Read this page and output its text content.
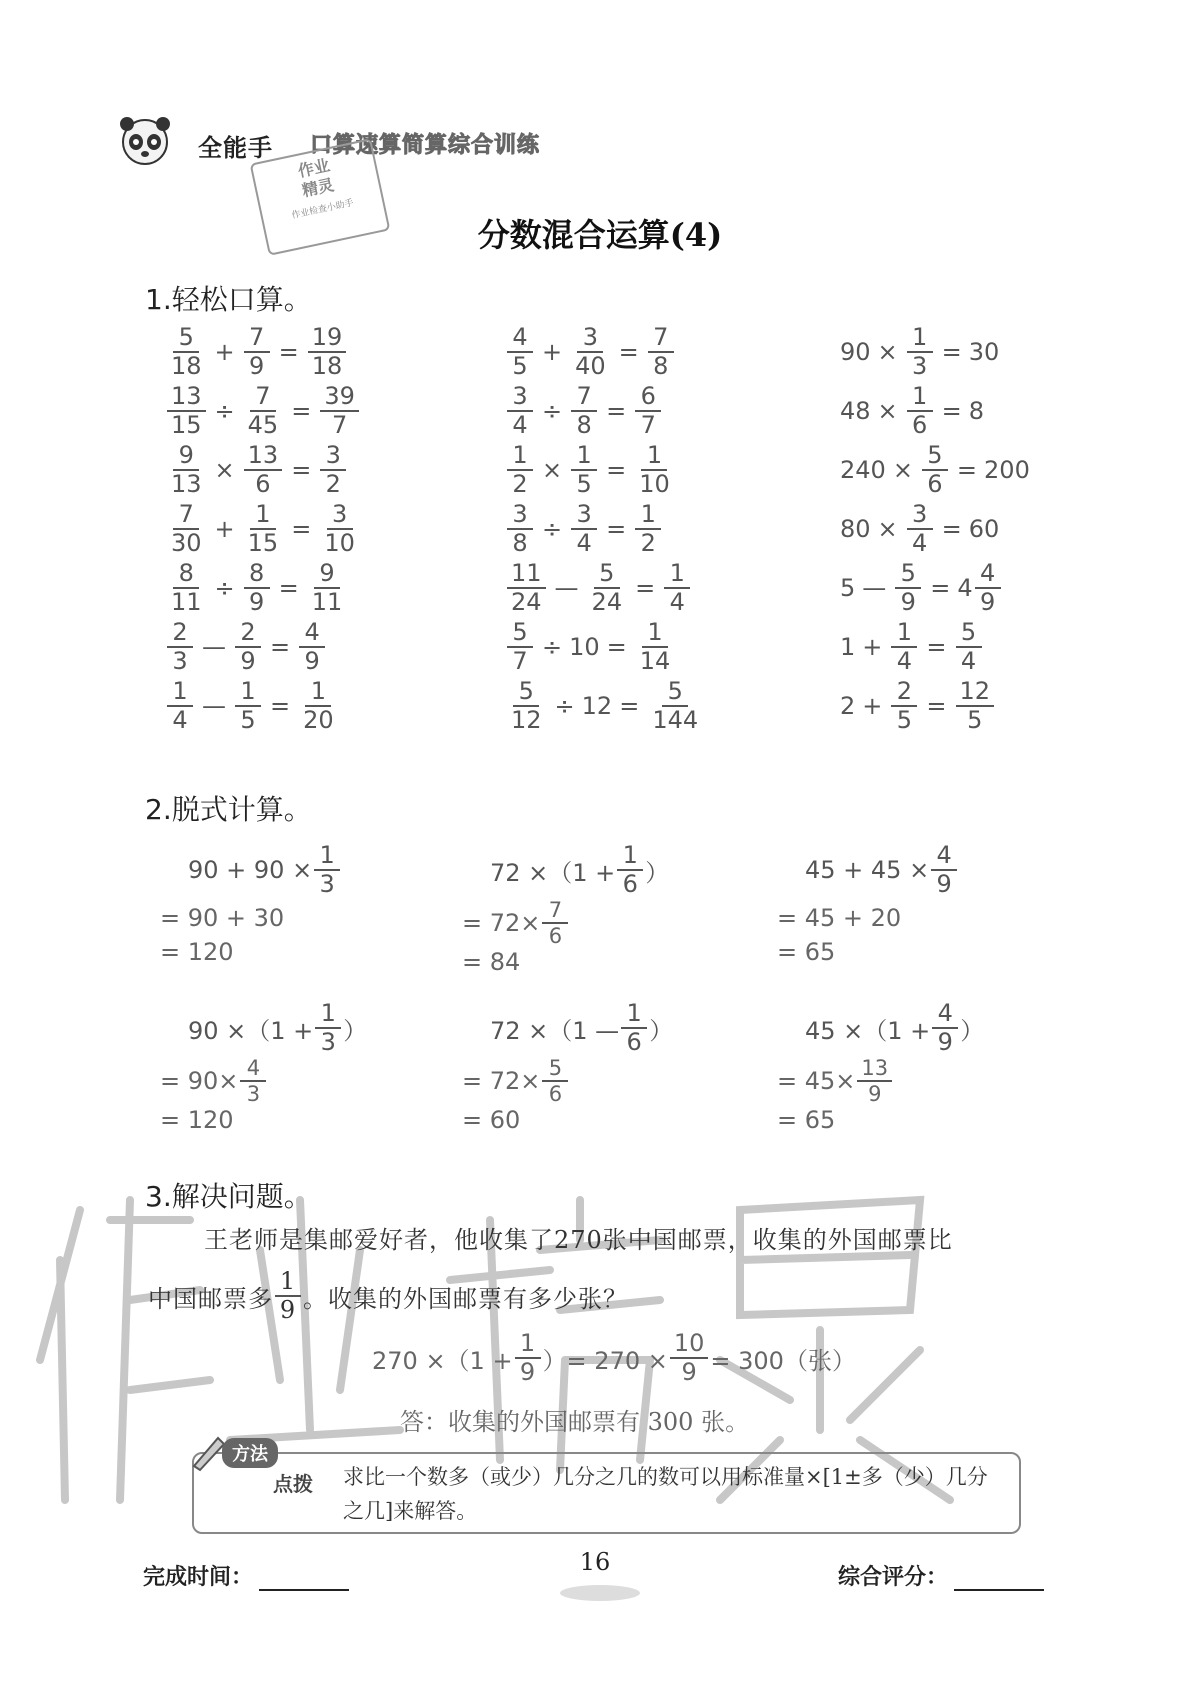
全能手 口算速算简算综合训练
作业
精灵
作业检查小助手
分数混合运算(4)
1.轻松口算。
$\frac{5}{18} + \frac{7}{9} = \frac{19}{18}$
$\frac{13}{15} \div \frac{7}{45} = \frac{39}{7}$
$\frac{9}{13} \times \frac{13}{6} = \frac{3}{2}$
$\frac{7}{30} + \frac{1}{15} = \frac{3}{10}$
$\frac{8}{11} \div \frac{8}{9} = \frac{9}{11}$
$\frac{2}{3}$ — $\frac{2}{9} = \frac{4}{9}$
$\frac{1}{4}$ — $\frac{1}{5} = \frac{1}{20}$
$\frac{4}{5} + \frac{3}{40} = \frac{7}{8}$
$\frac{3}{4} \div \frac{7}{8} = \frac{6}{7}$
$\frac{1}{2} \times \frac{1}{5} = \frac{1}{10}$
$\frac{3}{8} \div \frac{3}{4} = \frac{1}{2}$
$\frac{11}{24}$ — $\frac{5}{24} = \frac{1}{4}$
$\frac{5}{7} \div 10 = \frac{1}{14}$
$\frac{5}{12} \div 12 = \frac{5}{144}$
$90 \times \frac{1}{3} = 30$
$48 \times \frac{1}{6} = 8$
$240 \times \frac{5}{6} = 200$
$80 \times \frac{3}{4} = 60$
5 — $\frac{5}{9} = 4 \frac{4}{9}$
$1 + \frac{1}{4} = \frac{5}{4}$
$2 + \frac{2}{5} = \frac{12}{5}$
2.脱式计算。
$90 + 90 \times \frac{1}{3}$
= 90 + 30
= 120
$72 \times(1 + \frac{1}{6}$ ）
= $72\times \frac{7}{6}$
= 84
$45 + 45 \times \frac{4}{9}$
= 45 + 20
= 65
$90 \times(1 + \frac{1}{3}$ ）
= $90\times \frac{4}{3}$
= 120
72 ×（1 — $\frac{1}{6}$ ）
= $72\times \frac{5}{6}$
= 60
$45 \times(1 + \frac{4}{9}$ ）
= $45\times \frac{13}{9}$
= 65
3.解决问题。
王老师是集邮爱好者，他收集了270张中国邮票，收集的外国邮票比
中国邮票多 $\frac{1}{9}$ 。收集的外国邮票有多少张？
$270 \times(1 + \frac{1}{9}$ ）= $270 \times \frac{10}{9} = 300$（张）
答：收集的外国邮票有 300 张。
方法
点拨 求比一个数多（或少）几分之几的数可以用标准量×[1±多（少）几分之几]来解答。
完成时间：
16
综合评分：
